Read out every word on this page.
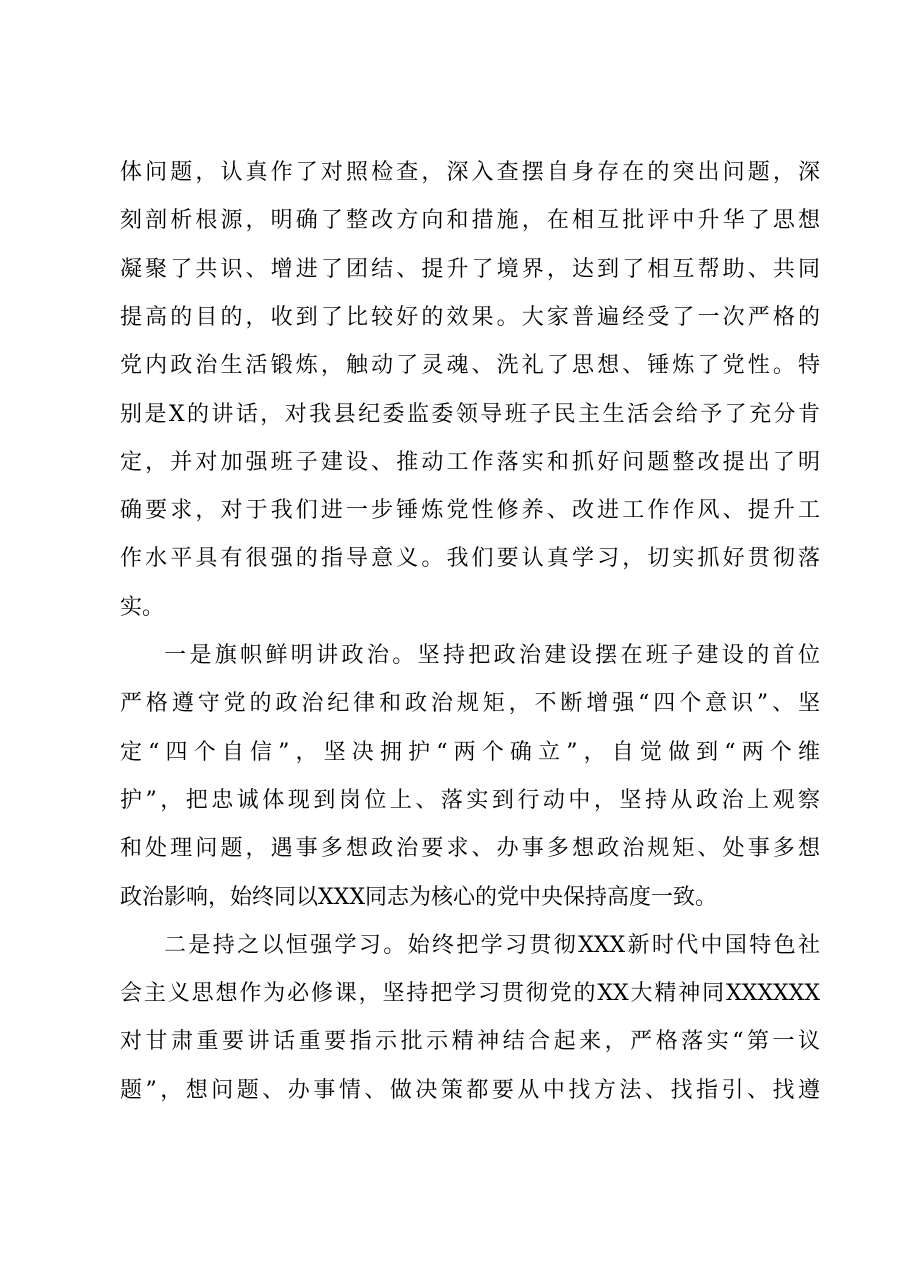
体问题，认真作了对照检查，深入查摆自身存在的突出问题，深
刻剖析根源，明确了整改方向和措施，在相互批评中升华了思想
凝聚了共识、增进了团结、提升了境界，达到了相互帮助、共同
提高的目的，收到了比较好的效果。大家普遍经受了一次严格的
党内政治生活锻炼，触动了灵魂、洗礼了思想、锤炼了党性。特
别是X的讲话，对我县纪委监委领导班子民主生活会给予了充分肯
定，并对加强班子建设、推动工作落实和抓好问题整改提出了明
确要求，对于我们进一步锤炼党性修养、改进工作作风、提升工
作水平具有很强的指导意义。我们要认真学习，切实抓好贯彻落
实。
一是旗帜鲜明讲政治。坚持把政治建设摆在班子建设的首位
严格遵守党的政治纪律和政治规矩，不断增强“四个意识”、坚
定“四个自信”，坚决拥护“两个确立”，自觉做到“两个维
护”，把忠诚体现到岗位上、落实到行动中，坚持从政治上观察
和处理问题，遇事多想政治要求、办事多想政治规矩、处事多想
政治影响，始终同以XXX同志为核心的党中央保持高度一致。
二是持之以恒强学习。始终把学习贯彻XXX新时代中国特色社
会主义思想作为必修课，坚持把学习贯彻党的XX大精神同XXXXXX
对甘肃重要讲话重要指示批示精神结合起来，严格落实“第一议
题”，想问题、办事情、做决策都要从中找方法、找指引、找遵
